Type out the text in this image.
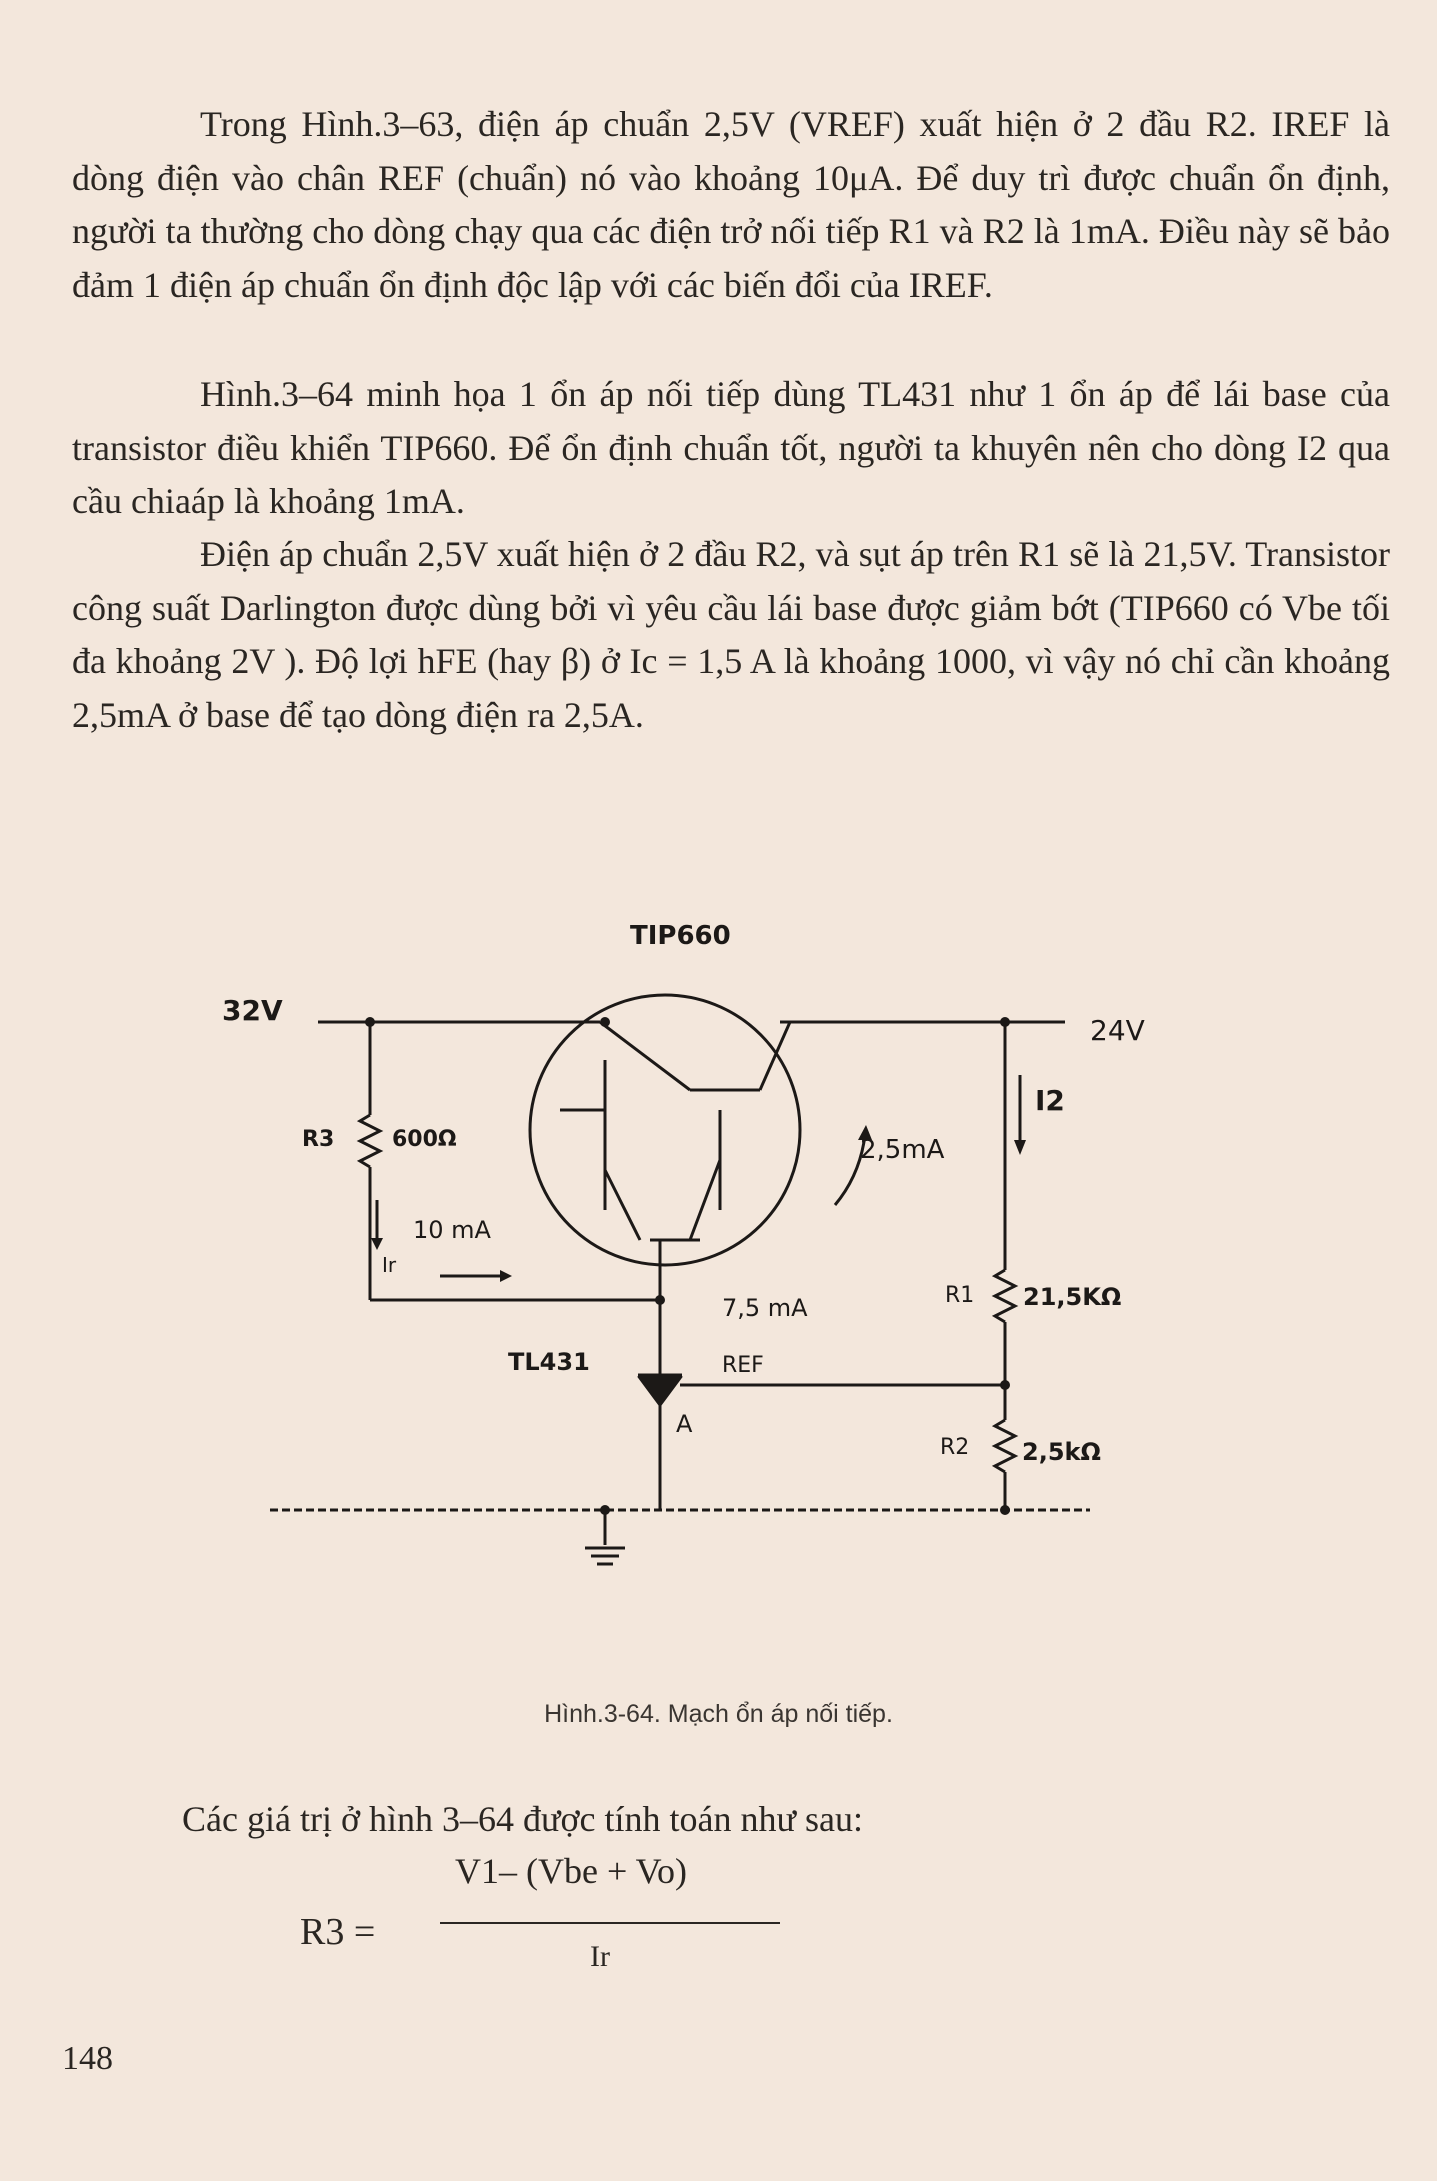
Trong Hình.3–63, điện áp chuẩn 2,5V (VREF) xuất hiện ở 2 đầu R2. IREF là dòng điện vào chân REF (chuẩn) nó vào khoảng 10μA. Để duy trì được chuẩn ổn định, người ta thường cho dòng chạy qua các điện trở nối tiếp R1 và R2 là 1mA. Điều này sẽ bảo đảm 1 điện áp chuẩn ổn định độc lập với các biến đổi của IREF.

Hình.3–64 minh họa 1 ổn áp nối tiếp dùng TL431 như 1 ổn áp để lái base của transistor điều khiển TIP660. Để ổn định chuẩn tốt, người ta khuyên nên cho dòng I2 qua cầu chiaáp là khoảng 1mA.

Điện áp chuẩn 2,5V xuất hiện ở 2 đầu R2, và sụt áp trên R1 sẽ là 21,5V. Transistor công suất Darlington được dùng bởi vì yêu cầu lái base được giảm bớt (TIP660 có Vbe tối đa khoảng 2V ). Độ lợi hFE (hay β) ở Ic = 1,5 A là khoảng 1000, vì vậy nó chỉ cần khoảng 2,5mA ở base để tạo dòng điện ra 2,5A.

TIP660
32V
24V
R3	600Ω
10 mA
Ir
2,5mA
I2
R1 21,5KΩ
7,5 mA
TL431	REF
A
R2 2,5kΩ
Hình.3-64. Mạch ổn áp nối tiếp.

Các giá trị ở hình 3–64 được tính toán như sau:

R3 =
V1– (Vbe + Vo)
Ir
148
